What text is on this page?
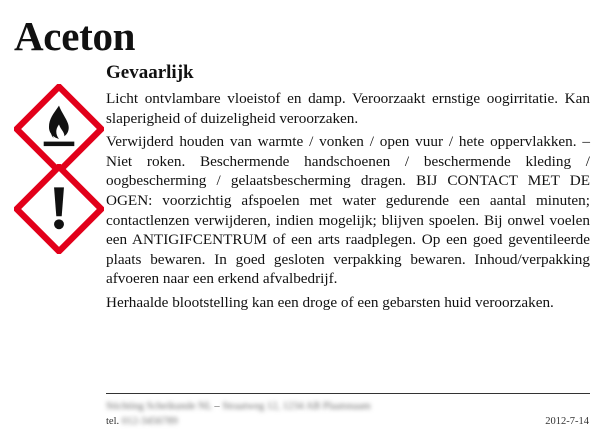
Aceton
Gevaarlijk

Licht ontvlambare vloeistof en damp. Veroorzaakt ernstige oogirritatie. Kan slaperigheid of duizeligheid veroorzaken.

Verwijderd houden van warmte / vonken / open vuur / hete oppervlakken. – Niet roken. Beschermende handschoenen / beschermende kleding / oogbescherming / gelaatsbescherming dragen. BIJ CONTACT MET DE OGEN: voorzichtig afspoelen met water gedurende een aantal minuten; contactlenzen verwijderen, indien mogelijk; blijven spoelen. Bij onwel voelen een ANTIGIFCENTRUM of een arts raadplegen. Op een goed geventileerde plaats bewaren. In goed gesloten verpakking bewaren. Inhoud/verpakking afvoeren naar een erkend afvalbedrijf.

Herhaalde blootstelling kan een droge of een gebarsten huid veroorzaken.

Stichting Scheikunde NL – Straatweg 12, 1234 AB Plaatsnaam
tel. 012-3456789	2012-7-14
